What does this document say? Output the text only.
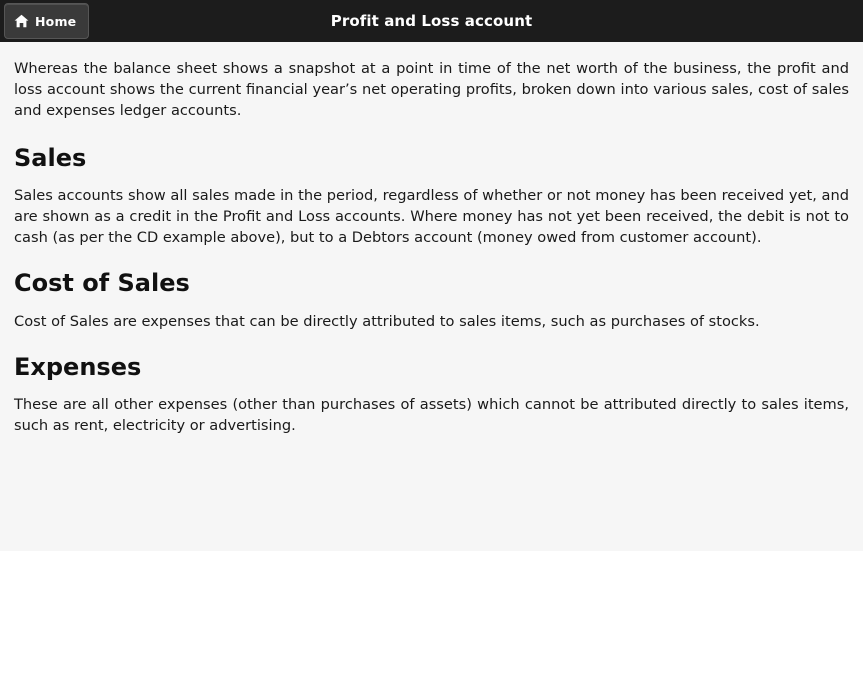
Home	Profit and Loss account

Whereas the balance sheet shows a snapshot at a point in time of the net worth of the business, the profit and loss account shows the current financial year’s net operating profits, broken down into various sales, cost of sales and expenses ledger accounts.

Sales

Sales accounts show all sales made in the period, regardless of whether or not money has been received yet, and are shown as a credit in the Profit and Loss accounts. Where money has not yet been received, the debit is not to cash (as per the CD example above), but to a Debtors account (money owed from customer account).

Cost of Sales

Cost of Sales are expenses that can be directly attributed to sales items, such as purchases of stocks.

Expenses

These are all other expenses (other than purchases of assets) which cannot be attributed directly to sales items, such as rent, electricity or advertising.
